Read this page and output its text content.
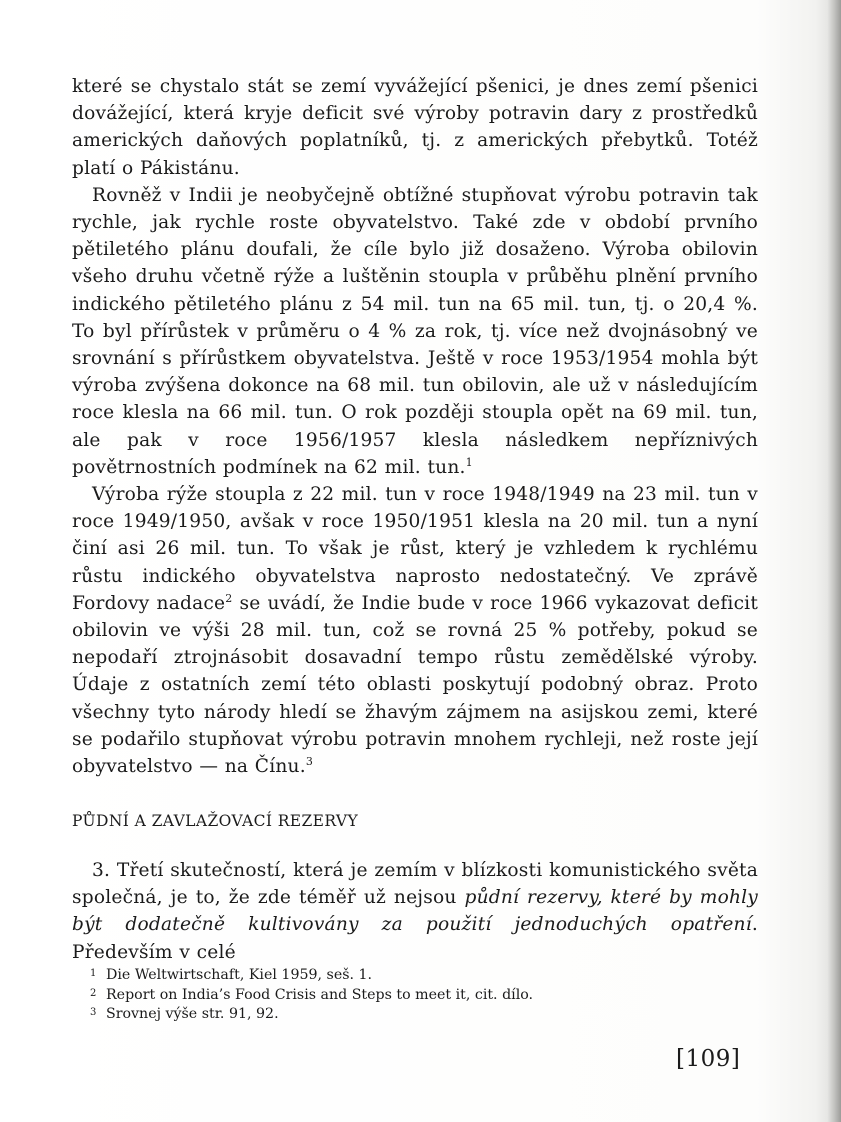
které se chystalo stát se zemí vyvážející pšenici, je dnes zemí pšenici dovážející, která kryje deficit své výroby potravin dary z prostředků amerických daňových poplatníků, tj. z amerických přebytků. Totéž platí o Pákistánu.

Rovněž v Indii je neobyčejně obtížné stupňovat výrobu potravin tak rychle, jak rychle roste obyvatelstvo. Také zde v období prvního pětiletého plánu doufali, že cíle bylo již dosaženo. Výroba obilovin všeho druhu včetně rýže a luštěnin stoupla v průběhu plnění prvního indického pětiletého plánu z 54 mil. tun na 65 mil. tun, tj. o 20,4 %. To byl přírůstek v průměru o 4 % za rok, tj. více než dvojnásobný ve srovnání s přírůstkem obyvatelstva. Ještě v roce 1953/1954 mohla být výroba zvýšena dokonce na 68 mil. tun obilovin, ale už v následujícím roce klesla na 66 mil. tun. O rok později stoupla opět na 69 mil. tun, ale pak v roce 1956/1957 klesla následkem nepříznivých povětrnostních podmínek na 62 mil. tun.$^1$

Výroba rýže stoupla z 22 mil. tun v roce 1948/1949 na 23 mil. tun v roce 1949/1950, avšak v roce 1950/1951 klesla na 20 mil. tun a nyní činí asi 26 mil. tun. To však je růst, který je vzhledem k rychlému růstu indického obyvatelstva naprosto nedostatečný. Ve zprávě Fordovy nadace$^2$ se uvádí, že Indie bude v roce 1966 vykazovat deficit obilovin ve výši 28 mil. tun, což se rovná 25 % potřeby, pokud se nepodaří ztrojnásobit dosavadní tempo růstu zemědělské výroby. Údaje z ostatních zemí této oblasti poskytují podobný obraz. Proto všechny tyto národy hledí se žhavým zájmem na asijskou zemi, které se podařilo stupňovat výrobu potravin mnohem rychleji, než roste její obyvatelstvo — na Čínu.$^3$

PŮDNÍ A ZAVLAŽOVACÍ REZERVY

3. Třetí skutečností, která je zemím v blízkosti komunistického světa společná, je to, že zde téměř už nejsou půdní rezervy, které by mohly být dodatečně kultivovány za použití jednoduchých opatření. Především v celé

1 Die Weltwirtschaft, Kiel 1959, seš. 1.

2 Report on India’s Food Crisis and Steps to meet it, cit. dílo.

3 Srovnej výše str. 91, 92.

[109]
